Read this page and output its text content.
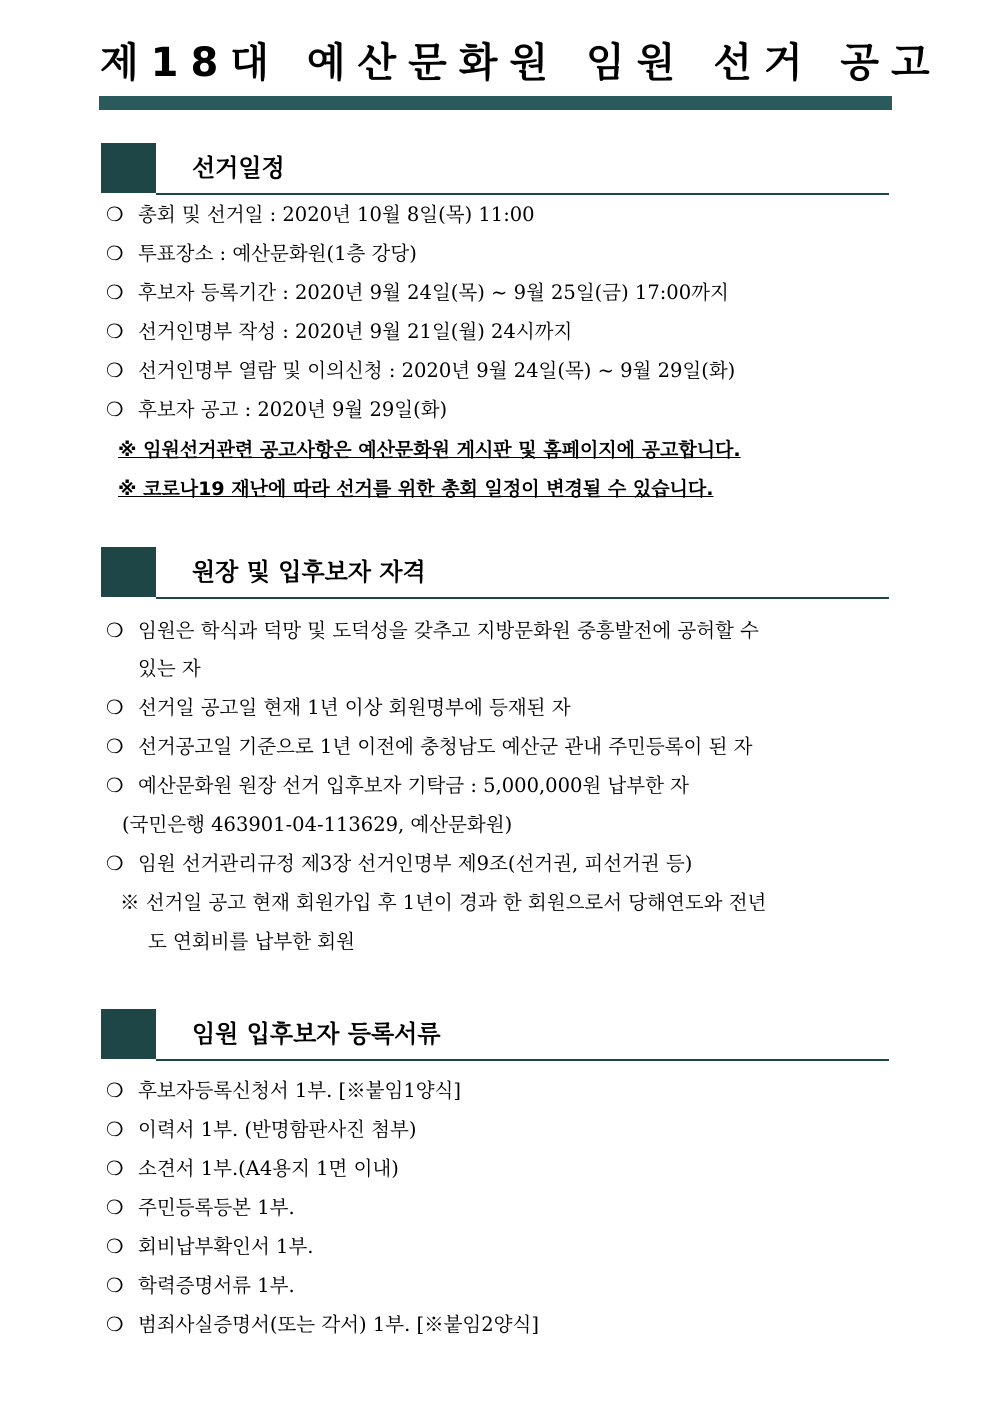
제18대 예산문화원 임원 선거 공고
선거일정

❍ 총회 및 선거일 : 2020년 10월 8일(목) 11:00

❍ 투표장소 : 예산문화원(1층 강당)

❍ 후보자 등록기간 : 2020년 9월 24일(목) ~ 9월 25일(금) 17:00까지

❍ 선거인명부 작성 : 2020년 9월 21일(월) 24시까지

❍ 선거인명부 열람 및 이의신청 : 2020년 9월 24일(목) ~ 9월 29일(화)

❍ 후보자 공고 : 2020년 9월 29일(화)

※ 임원선거관련 공고사항은 예산문화원 게시판 및 홈페이지에 공고합니다.

※ 코로나19 재난에 따라 선거를 위한 총회 일정이 변경될 수 있습니다.

원장 및 입후보자 자격

❍ 임원은 학식과 덕망 및 도덕성을 갖추고 지방문화원 중흥발전에 공허할 수

있는 자

❍ 선거일 공고일 현재 1년 이상 회원명부에 등재된 자

❍ 선거공고일 기준으로 1년 이전에 충청남도 예산군 관내 주민등록이 된 자

❍ 예산문화원 원장 선거 입후보자 기탁금 : 5,000,000원 납부한 자

(국민은행 463901-04-113629, 예산문화원)

❍ 임원 선거관리규정 제3장 선거인명부 제9조(선거권, 피선거권 등)

※ 선거일 공고 현재 회원가입 후 1년이 경과 한 회원으로서 당해연도와 전년

도 연회비를 납부한 회원

임원 입후보자 등록서류

❍ 후보자등록신청서 1부. [※붙임1양식]

❍ 이력서 1부. (반명함판사진 첨부)

❍ 소견서 1부.(A4용지 1면 이내)

❍ 주민등록등본 1부.

❍ 회비납부확인서 1부.

❍ 학력증명서류 1부.

❍ 범죄사실증명서(또는 각서) 1부. [※붙임2양식]
